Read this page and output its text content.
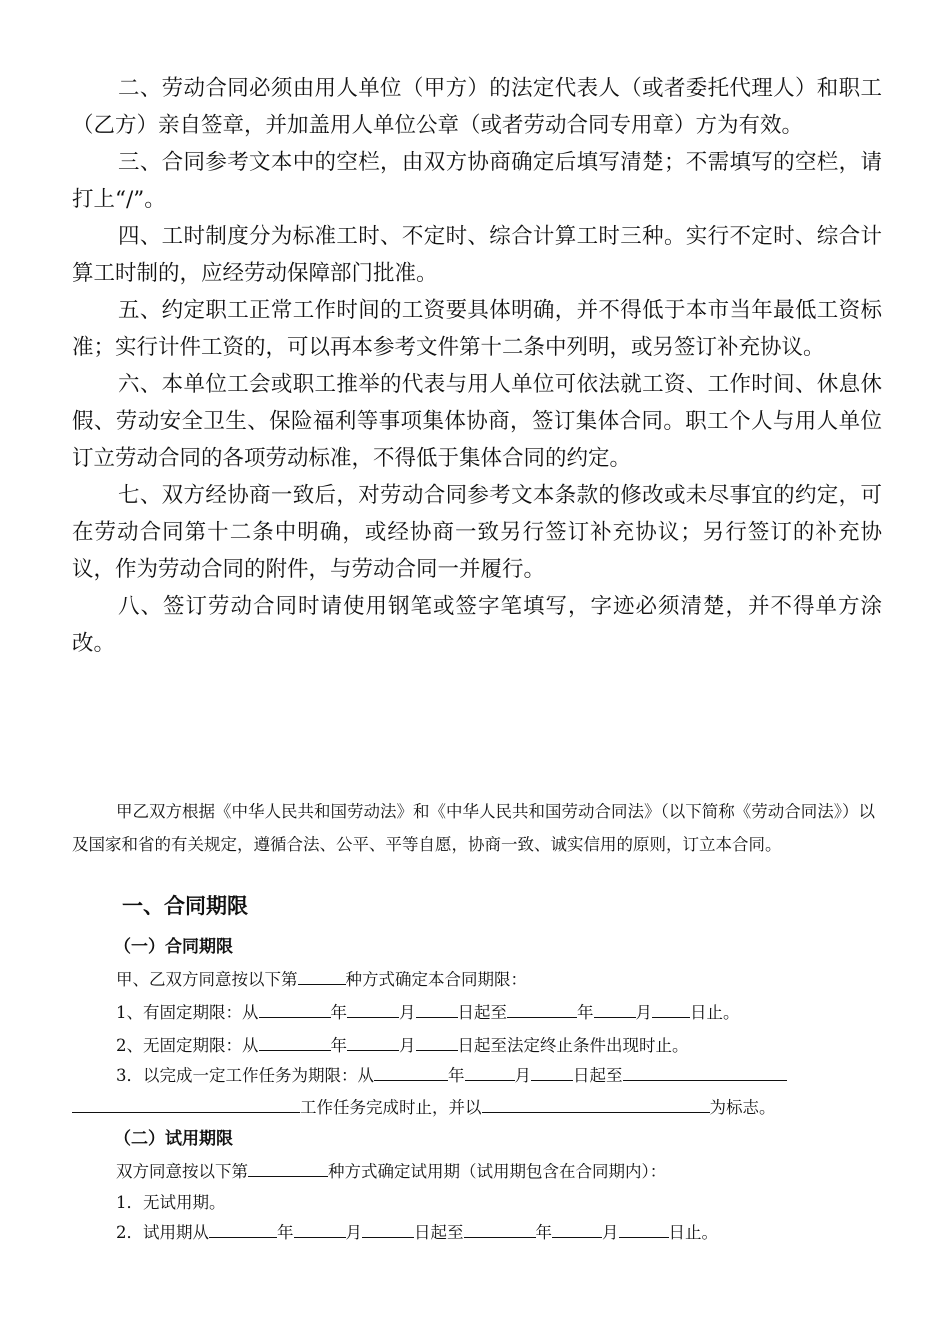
二、劳动合同必须由用人单位（甲方）的法定代表人（或者委托代理人）和职工（乙方）亲自签章，并加盖用人单位公章（或者劳动合同专用章）方为有效。

三、合同参考文本中的空栏，由双方协商确定后填写清楚；不需填写的空栏，请打上“/”。

四、工时制度分为标准工时、不定时、综合计算工时三种。实行不定时、综合计算工时制的，应经劳动保障部门批准。

五、约定职工正常工作时间的工资要具体明确，并不得低于本市当年最低工资标准；实行计件工资的，可以再本参考文件第十二条中列明，或另签订补充协议。

六、本单位工会或职工推举的代表与用人单位可依法就工资、工作时间、休息休假、劳动安全卫生、保险福利等事项集体协商，签订集体合同。职工个人与用人单位订立劳动合同的各项劳动标准，不得低于集体合同的约定。

七、双方经协商一致后，对劳动合同参考文本条款的修改或未尽事宜的约定，可在劳动合同第十二条中明确，或经协商一致另行签订补充协议；另行签订的补充协议，作为劳动合同的附件，与劳动合同一并履行。

八、签订劳动合同时请使用钢笔或签字笔填写，字迹必须清楚，并不得单方涂改。

甲乙双方根据《中华人民共和国劳动法》和《中华人民共和国劳动合同法》（以下简称《劳动合同法》）以及国家和省的有关规定，遵循合法、公平、平等自愿，协商一致、诚实信用的原则，订立本合同。

一、合同期限
（一）合同期限
甲、乙双方同意按以下第	种方式确定本合同期限：
1、有固定期限：从	年	月	日起至	年	月 日止。
2、无固定期限：从	年	月	日起至法定终止条件出现时止。
3．以完成一定工作任务为期限：从	年	月	日起至
工作任务完成时止，并以	为标志。
（二）试用期限
双方同意按以下第	种方式确定试用期（试用期包含在合同期内）：
1．无试用期。
2．试用期从	年	月	日起至	年	月	日止。
